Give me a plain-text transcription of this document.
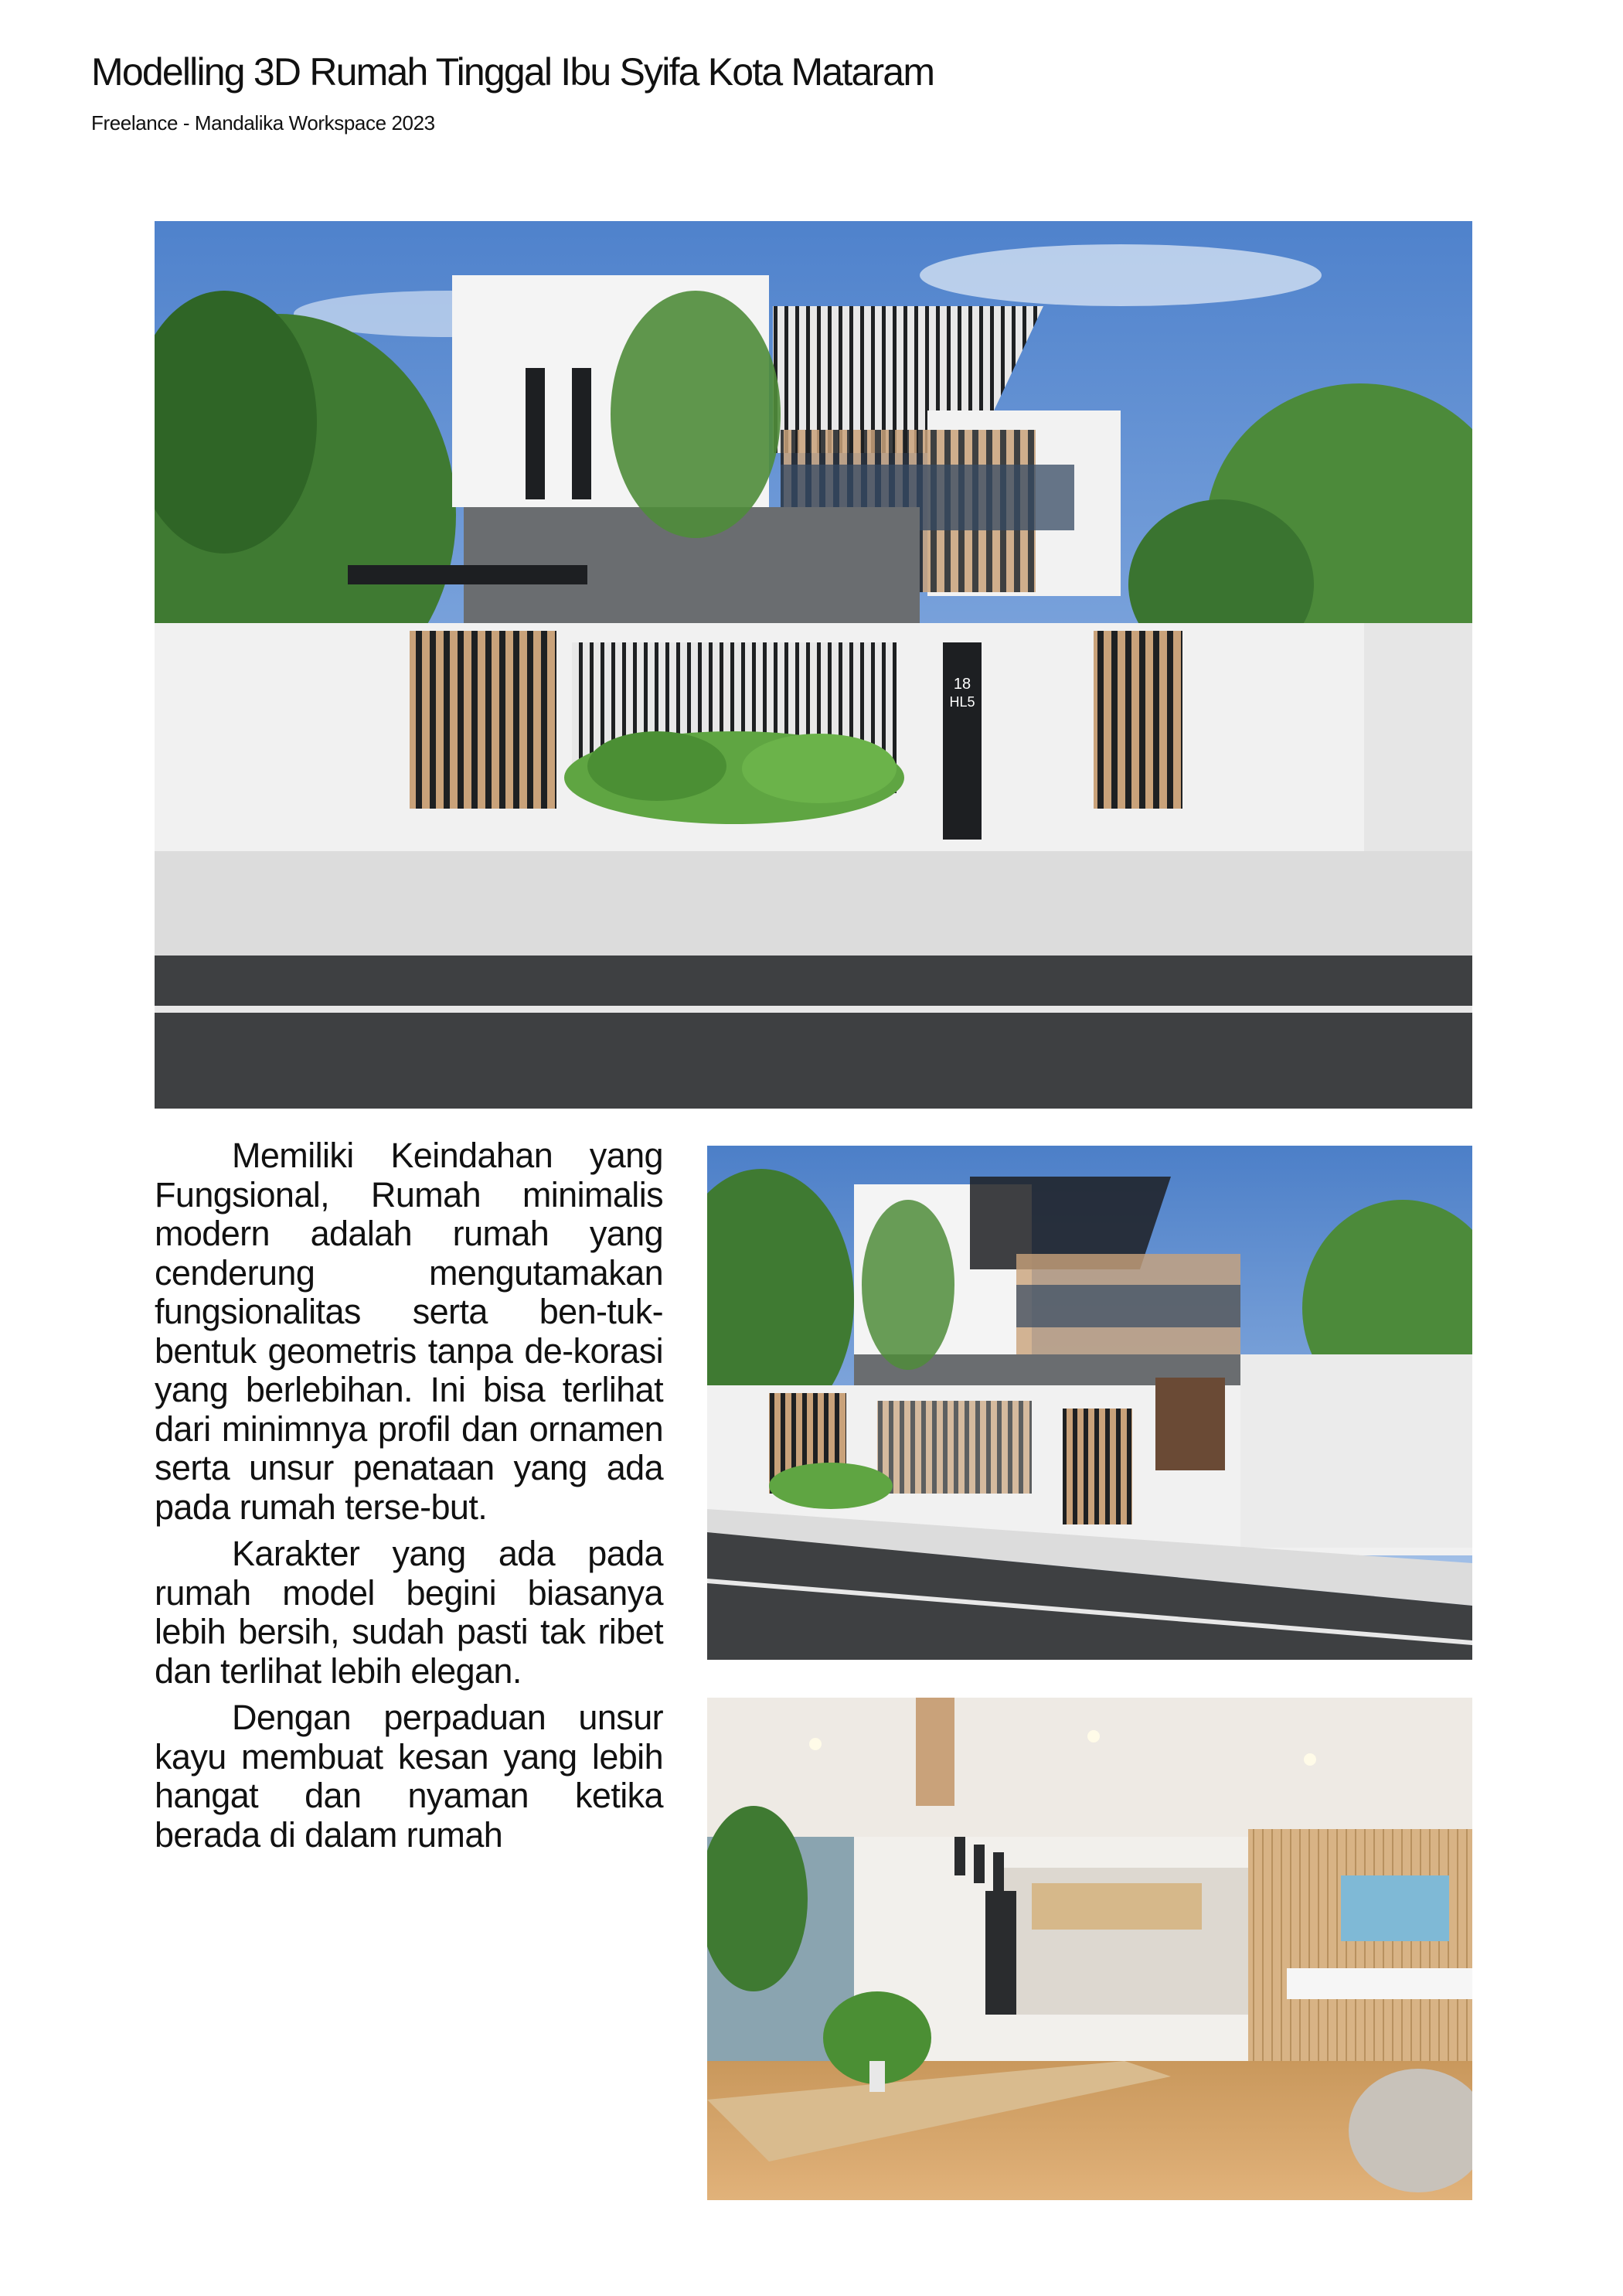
Modelling 3D Rumah Tinggal Ibu Syifa Kota Mataram
Freelance - Mandalika Workspace 2023
18
HL5

Memiliki Keindahan yang Fungsional, Rumah minimalis modern adalah rumah yang cenderung mengutamakan fungsionalitas serta ben-tuk-bentuk geometris tanpa de-korasi yang berlebihan. Ini bisa terlihat dari minimnya profil dan ornamen serta unsur penataan yang ada pada rumah terse-but.

Karakter yang ada pada rumah model begini biasanya lebih bersih, sudah pasti tak ribet dan terlihat lebih elegan.

Dengan perpaduan unsur kayu membuat kesan yang lebih hangat dan nyaman ketika berada di dalam rumah
